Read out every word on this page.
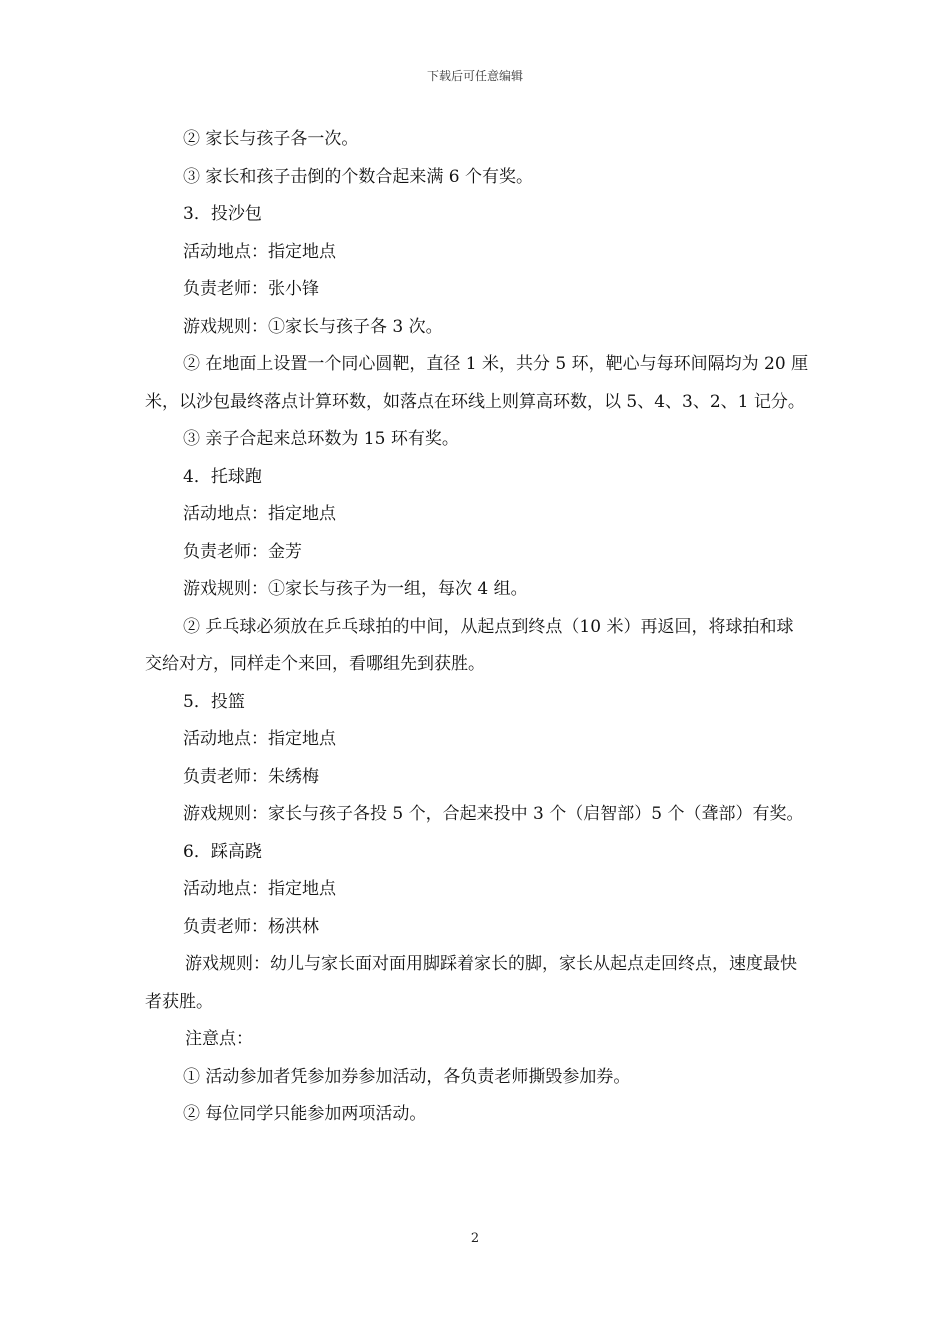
下载后可任意编辑

② 家长与孩子各一次。

③ 家长和孩子击倒的个数合起来满 6 个有奖。

3．投沙包

活动地点：指定地点

负责老师：张小锋

游戏规则：①家长与孩子各 3 次。

② 在地面上设置一个同心圆靶，直径 1 米，共分 5 环，靶心与每环间隔均为 20 厘米，以沙包最终落点计算环数，如落点在环线上则算高环数，以 5、4、3、2、1 记分。

③ 亲子合起来总环数为 15 环有奖。

4．托球跑

活动地点：指定地点

负责老师：金芳

游戏规则：①家长与孩子为一组，每次 4 组。

② 乒乓球必须放在乒乓球拍的中间，从起点到终点（10 米）再返回，将球拍和球交给对方，同样走个来回，看哪组先到获胜。

5．投篮

活动地点：指定地点

负责老师：朱绣梅

游戏规则：家长与孩子各投 5 个，合起来投中 3 个（启智部）5 个（聋部）有奖。

6．踩高跷

活动地点：指定地点

负责老师：杨洪林

游戏规则：幼儿与家长面对面用脚踩着家长的脚，家长从起点走回终点，速度最快者获胜。

注意点：

① 活动参加者凭参加券参加活动，各负责老师撕毁参加券。

② 每位同学只能参加两项活动。

2
